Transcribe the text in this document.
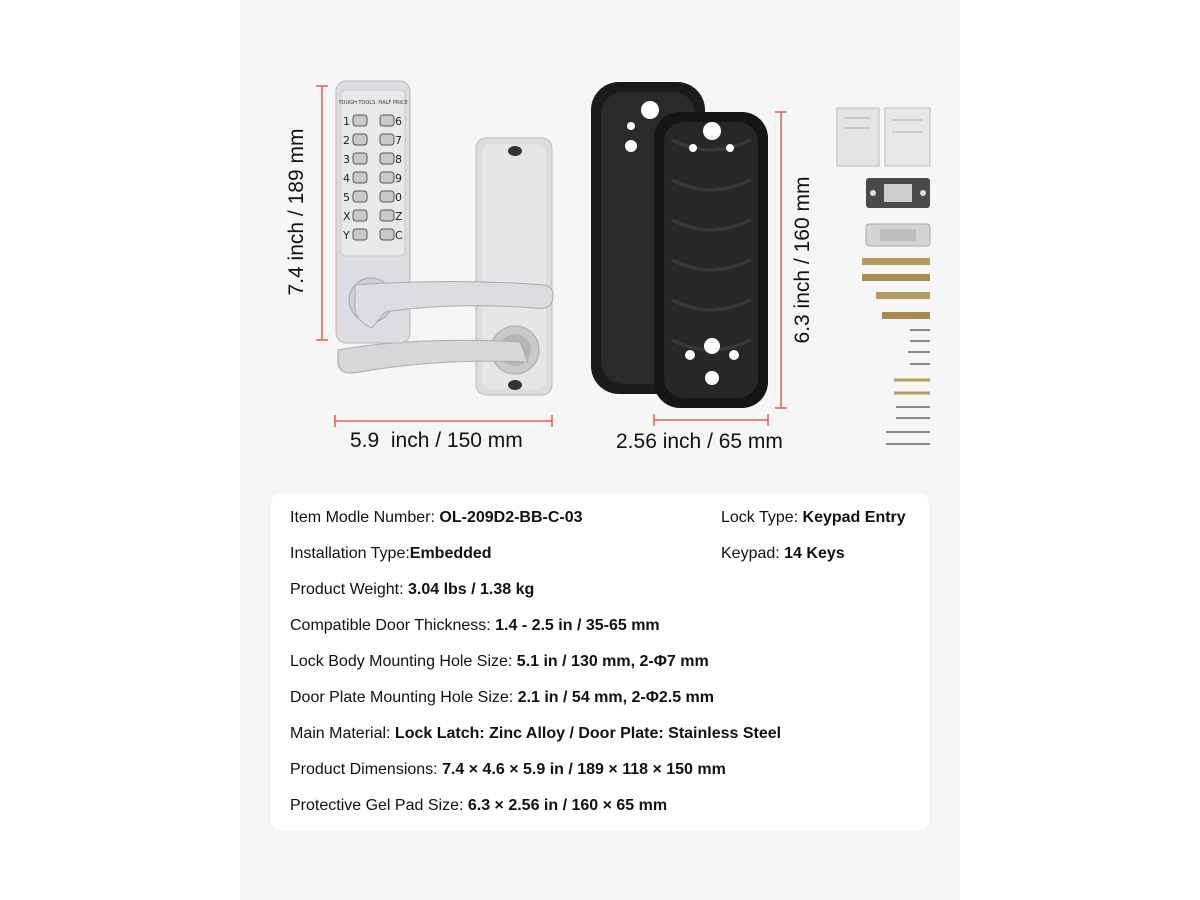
TOUGH TOOLS, HALF PRICE
1
2
3
4
5
X
Y
6
7
8
9
0
Z
C
7.4 inch / 189 mm
5.9  inch / 150 mm
6.3 inch / 160 mm
2.56 inch / 65 mm
Item Modle Number: OL-209D2-BB-C-03	Lock Type: Keypad Entry
Installation Type:Embedded	Keypad: 14 Keys
Product Weight: 3.04 lbs / 1.38 kg
Compatible Door Thickness: 1.4 - 2.5 in / 35-65 mm
Lock Body Mounting Hole Size: 5.1 in / 130 mm, 2-Φ7 mm
Door Plate Mounting Hole Size: 2.1 in / 54 mm, 2-Φ2.5 mm
Main Material: Lock Latch: Zinc Alloy / Door Plate: Stainless Steel
Product Dimensions: 7.4 × 4.6 × 5.9 in / 189 × 118 × 150 mm
Protective Gel Pad Size: 6.3 × 2.56 in / 160 × 65 mm
